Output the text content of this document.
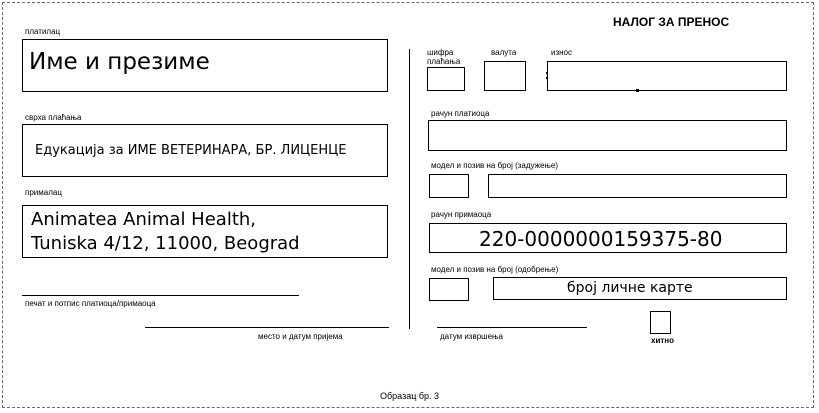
НАЛОГ ЗА ПРЕНОС
платилац
Име и презиме
сврха плаћања
Едукација за ИМЕ ВЕТЕРИНАРА, БР. ЛИЦЕНЦЕ
прималац
Animatea Animal Health,
Tuniska 4/12, 11000, Beograd
печат и потпис платиоца/примаоца
место и датум пријема
шифра
плаћања
валута	износ
рачун платиоца
модел и позив на број (задужење)
рачун примаоца
220-0000000159375-80
модел и позив на број (одобрење)
број личне карте
датум извршења	хитно
Образац бр. 3
